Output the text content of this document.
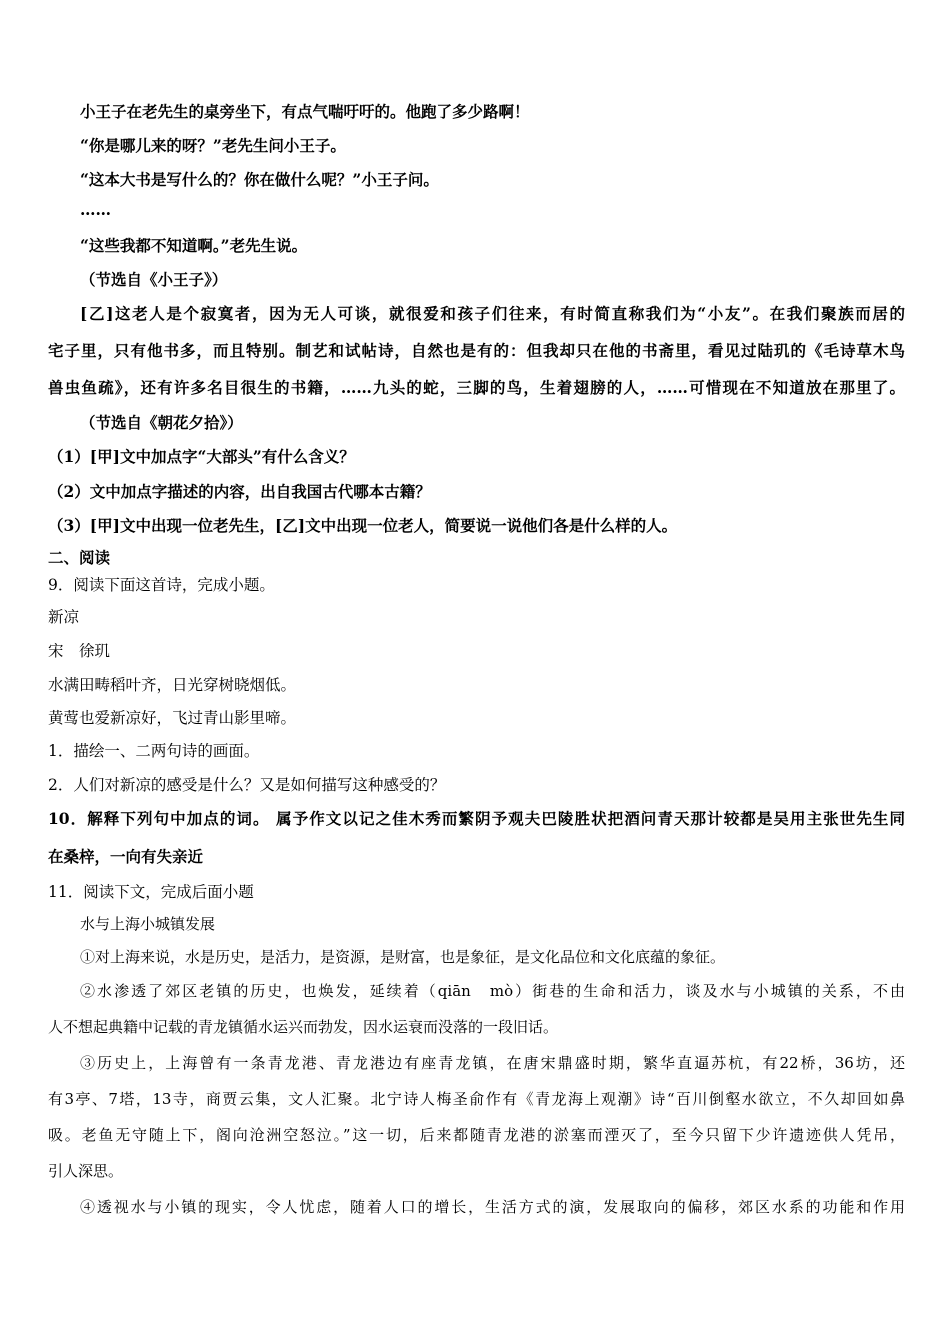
小王子在老先生的桌旁坐下，有点气喘吁吁的。他跑了多少路啊！
“你是哪儿来的呀？”老先生问小王子。
“这本大书是写什么的？你在做什么呢？”小王子问。
……
“这些我都不知道啊。”老先生说。
（节选自《小王子》）
[乙]这老人是个寂寞者，因为无人可谈，就很爱和孩子们往来，有时简直称我们为“小友”。在我们聚族而居的
宅子里，只有他书多，而且特别。制艺和试帖诗，自然也是有的：但我却只在他的书斋里，看见过陆玑的《毛诗草木鸟
兽虫鱼疏》，还有许多名目很生的书籍，……九头的蛇，三脚的鸟，生着翅膀的人，……可惜现在不知道放在那里了。
（节选自《朝花夕拾》）
（1）[甲]文中加点字“大部头”有什么含义？
（2）文中加点字描述的内容，出自我国古代哪本古籍？
（3）[甲]文中出现一位老先生，[乙]文中出现一位老人，简要说一说他们各是什么样的人。
二、阅读
9．阅读下面这首诗，完成小题。
新凉
宋　徐玑
水满田畴稻叶齐，日光穿树晓烟低。
黄莺也爱新凉好，飞过青山影里啼。
1．描绘一、二两句诗的画面。
2．人们对新凉的感受是什么？又是如何描写这种感受的？
10．解释下列句中加点的词。 属予作文以记之佳木秀而繁阴予观夫巴陵胜状把酒问青天那计较都是吴用主张世先生同
在桑梓，一向有失亲近
11．阅读下文，完成后面小题
水与上海小城镇发展
①对上海来说，水是历史，是活力，是资源，是财富，也是象征，是文化品位和文化底蕴的象征。
②水渗透了郊区老镇的历史，也焕发，延续着（qiān　mò）街巷的生命和活力，谈及水与小城镇的关系，不由
人不想起典籍中记载的青龙镇循水运兴而勃发，因水运衰而没落的一段旧话。
③历史上，上海曾有一条青龙港、青龙港边有座青龙镇，在唐宋鼎盛时期，繁华直逼苏杭，有22桥，36坊，还
有3亭、7塔，13寺，商贾云集，文人汇聚。北宁诗人梅圣俞作有《青龙海上观潮》诗“百川倒壑水欲立，不久却回如鼻
吸。老鱼无守随上下，阁向沧洲空怒泣。”这一切，后来都随青龙港的淤塞而湮灭了，至今只留下少许遗迹供人凭吊，
引人深思。
④透视水与小镇的现实，令人忧虑，随着人口的增长，生活方式的演，发展取向的偏移，郊区水系的功能和作用
